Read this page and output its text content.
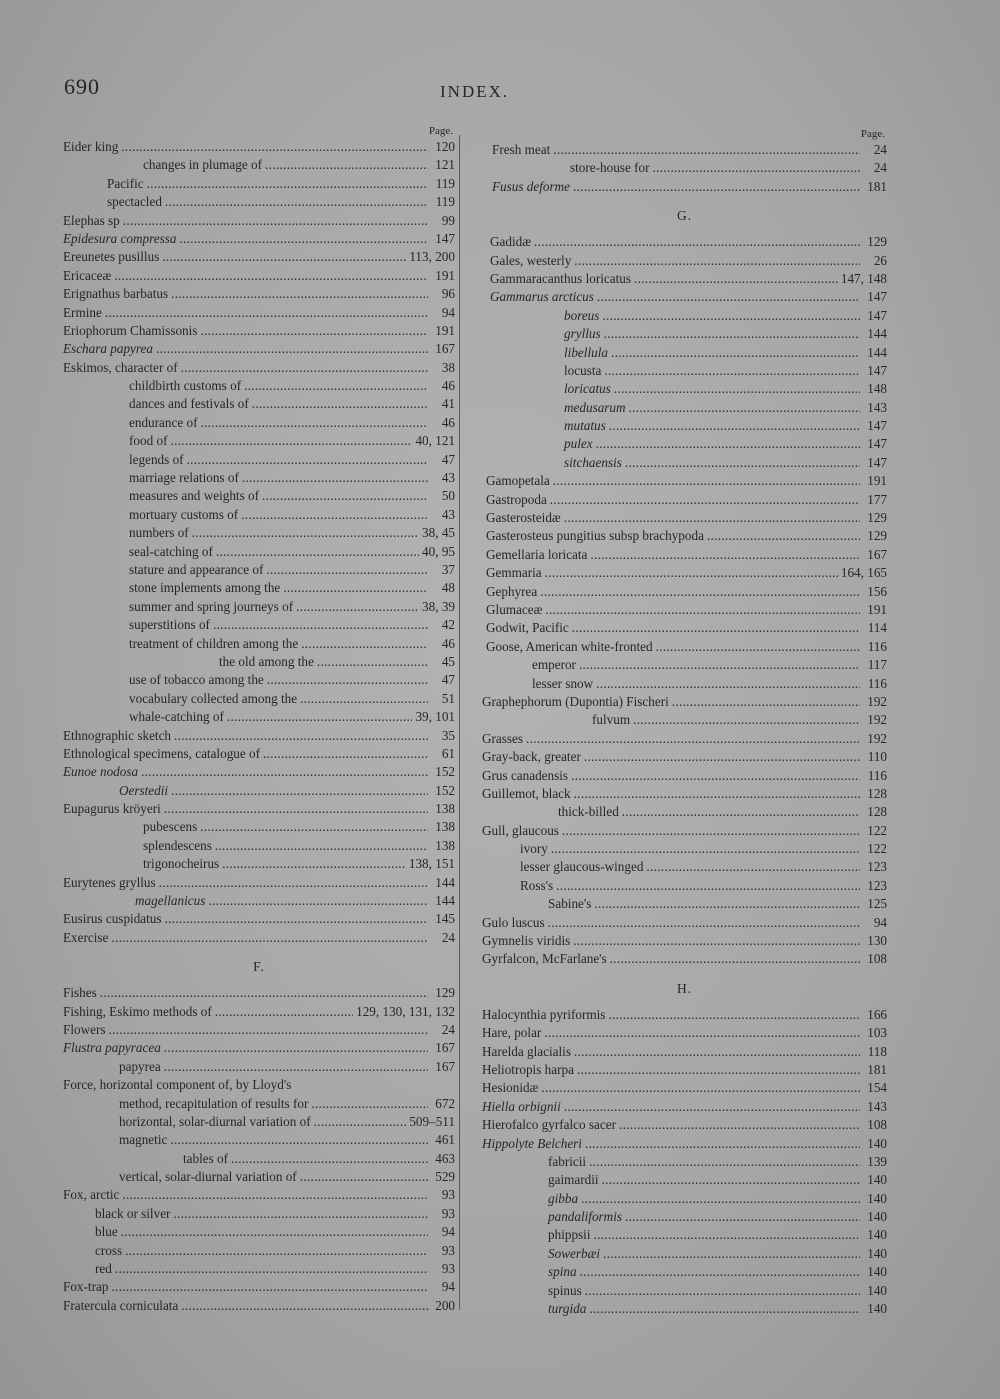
690	INDEX.
Page.
Eider king . . .	120
changes in plumage of . . .	121
Pacific . . .	119
spectacled . . .	119
Elephas sp . . .	99
Epidesura compressa . . .	147
Ereunetes pusillus . . .	113, 200
Ericaceæ . . .	191
Erignathus barbatus . . .	96
Ermine . . .	94
Eriophorum Chamissonis . . .	191
Eschara papyrea . . .	167
Eskimos, character of . . .	38
childbirth customs of . . .	46
dances and festivals of . . .	41
endurance of . . .	46
food of . . .	40, 121
legends of . . .	47
marriage relations of . . .	43
measures and weights of . . .	50
mortuary customs of . . .	43
numbers of . . .	38, 45
seal-catching of . . .	40, 95
stature and appearance of . . .	37
stone implements among the . . .	48
summer and spring journeys of . . .	38, 39
superstitions of . . .	42
treatment of children among the . . .	46
the old among the . . .	45
use of tobacco among the . . .	47
vocabulary collected among the . . .	51
whale-catching of . . .	39, 101
Ethnographic sketch . . .	35
Ethnological specimens, catalogue of . . .	61
Eunoe nodosa . . .	152
Oerstedii . . .	152
Eupagurus kröyeri . . .	138
pubescens . . .	138
splendescens . . .	138
trigonocheirus . . .	138, 151
Eurytenes gryllus . . .	144
magellanicus . . .	144
Eusirus cuspidatus . . .	145
Exercise . . .	24
F.
Fishes . . .	129
Fishing, Eskimo methods of . . .	129, 130, 131, 132
Flowers . . .	24
Flustra papyracea . . .	167
papyrea . . .	167
Force, horizontal component of, by Lloyd's
method, recapitulation of results for . . .	672
horizontal, solar-diurnal variation of . . .	509–511
magnetic . . .	461
tables of . . .	463
vertical, solar-diurnal variation of . . .	529
Fox, arctic . . .	93
black or silver . . .	93
blue . . .	94
cross . . .	93
red . . .	93
Fox-trap . . .	94
Fratercula corniculata . . .	200
Page.
Fresh meat . . .	24
store-house for . . .	24
Fusus deforme . . .	181
G.
Gadidæ . . .	129
Gales, westerly . . .	26
Gammaracanthus loricatus . . .	147, 148
Gammarus arcticus . . .	147
boreus . . .	147
gryllus . . .	144
libellula . . .	144
locusta . . .	147
loricatus . . .	148
medusarum . . .	143
mutatus . . .	147
pulex . . .	147
sitchaensis . . .	147
Gamopetala . . .	191
Gastropoda . . .	177
Gasterosteidæ . . .	129
Gasterosteus pungitius subsp brachypoda . . .	129
Gemellaria loricata . . .	167
Gemmaria . . .	164, 165
Gephyrea . . .	156
Glumaceæ . . .	191
Godwit, Pacific . . .	114
Goose, American white-fronted . . .	116
emperor . . .	117
lesser snow . . .	116
Graphephorum (Dupontia) Fischeri . . .	192
fulvum . . .	192
Grasses . . .	192
Gray-back, greater . . .	110
Grus canadensis . . .	116
Guillemot, black . . .	128
thick-billed . . .	128
Gull, glaucous . . .	122
ivory . . .	122
lesser glaucous-winged . . .	123
Ross's . . .	123
Sabine's . . .	125
Gulo luscus . . .	94
Gymnelis viridis . . .	130
Gyrfalcon, McFarlane's . . .	108
H.
Halocynthia pyriformis . . .	166
Hare, polar . . .	103
Harelda glacialis . . .	118
Heliotropis harpa . . .	181
Hesionidæ . . .	154
Hiella orbignii . . .	143
Hierofalco gyrfalco sacer . . .	108
Hippolyte Belcheri . . .	140
fabricii . . .	139
gaimardii . . .	140
gibba . . .	140
pandaliformis . . .	140
phippsii . . .	140
Sowerbæi . . .	140
spina . . .	140
spinus . . .	140
turgida . . .	140
